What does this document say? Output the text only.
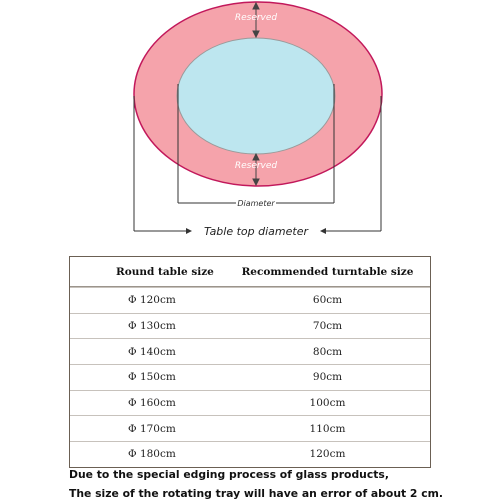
Reserved
Reserved
Diameter
Table top diameter
Round table size	Recommended turntable size
Φ 120cm	60cm
Φ 130cm	70cm
Φ 140cm	80cm
Φ 150cm	90cm
Φ 160cm	100cm
Φ 170cm	110cm
Φ 180cm	120cm
Due to the special edging process of glass products,
The size of the rotating tray will have an error of about 2 cm.
